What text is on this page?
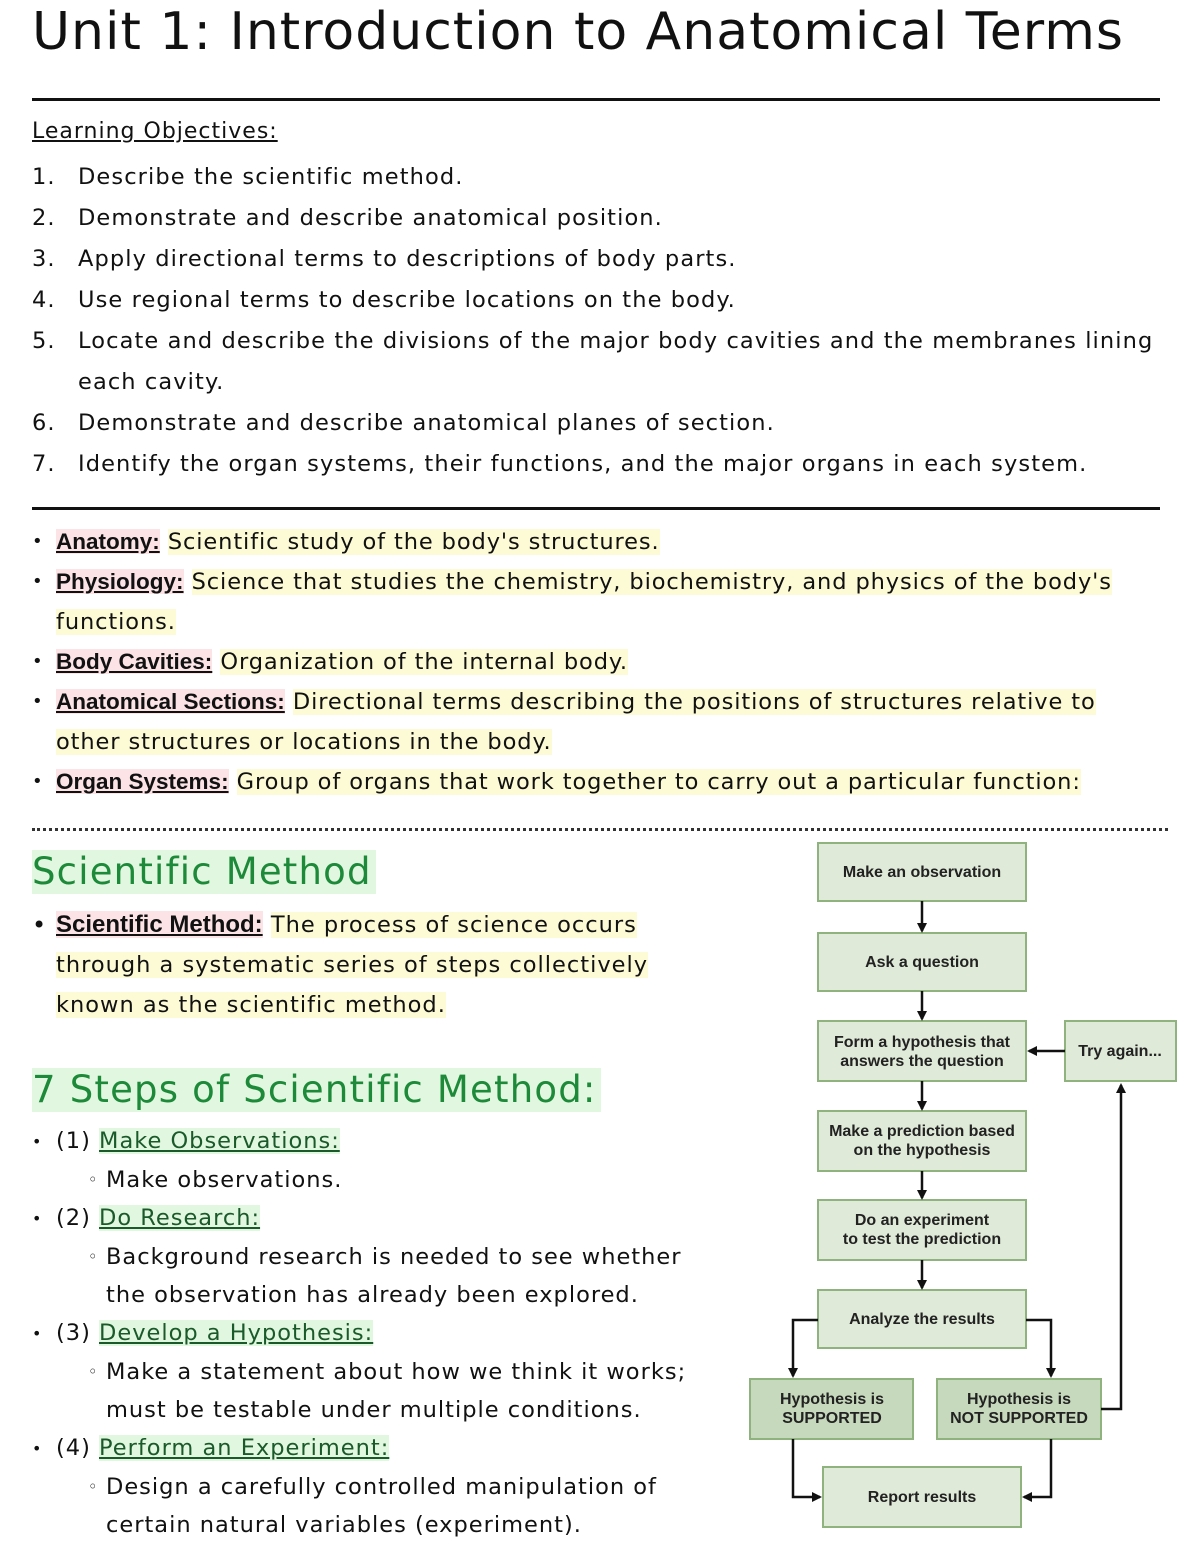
Unit 1: Introduction to Anatomical Terms
Learning Objectives:
1. Describe the scientific method.
2. Demonstrate and describe anatomical position.
3. Apply directional terms to descriptions of body parts.
4. Use regional terms to describe locations on the body.
5. Locate and describe the divisions of the major body cavities and the membranes lining each cavity.
6. Demonstrate and describe anatomical planes of section.
7. Identify the organ systems, their functions, and the major organs in each system.
• Anatomy: Scientific study of the body's structures.
• Physiology: Science that studies the chemistry, biochemistry, and physics of the body's functions.
• Body Cavities: Organization of the internal body.
• Anatomical Sections: Directional terms describing the positions of structures relative to other structures or locations in the body.
• Organ Systems: Group of organs that work together to carry out a particular function:
Scientific Method
• Scientific Method: The process of science occurs through a systematic series of steps collectively known as the scientific method.
7 Steps of Scientific Method:
• (1) Make Observations:
◦ Make observations.
• (2) Do Research:
◦ Background research is needed to see whether the observation has already been explored.
• (3) Develop a Hypothesis:
◦ Make a statement about how we think it works; must be testable under multiple conditions.
• (4) Perform an Experiment:
◦ Design a carefully controlled manipulation of certain natural variables (experiment).
Make an observation
Ask a question
Form a hypothesis that
answers the question
Try again...
Make a prediction based
on the hypothesis
Do an experiment
to test the prediction
Analyze the results
Hypothesis is
SUPPORTED
Hypothesis is
NOT SUPPORTED
Report results
